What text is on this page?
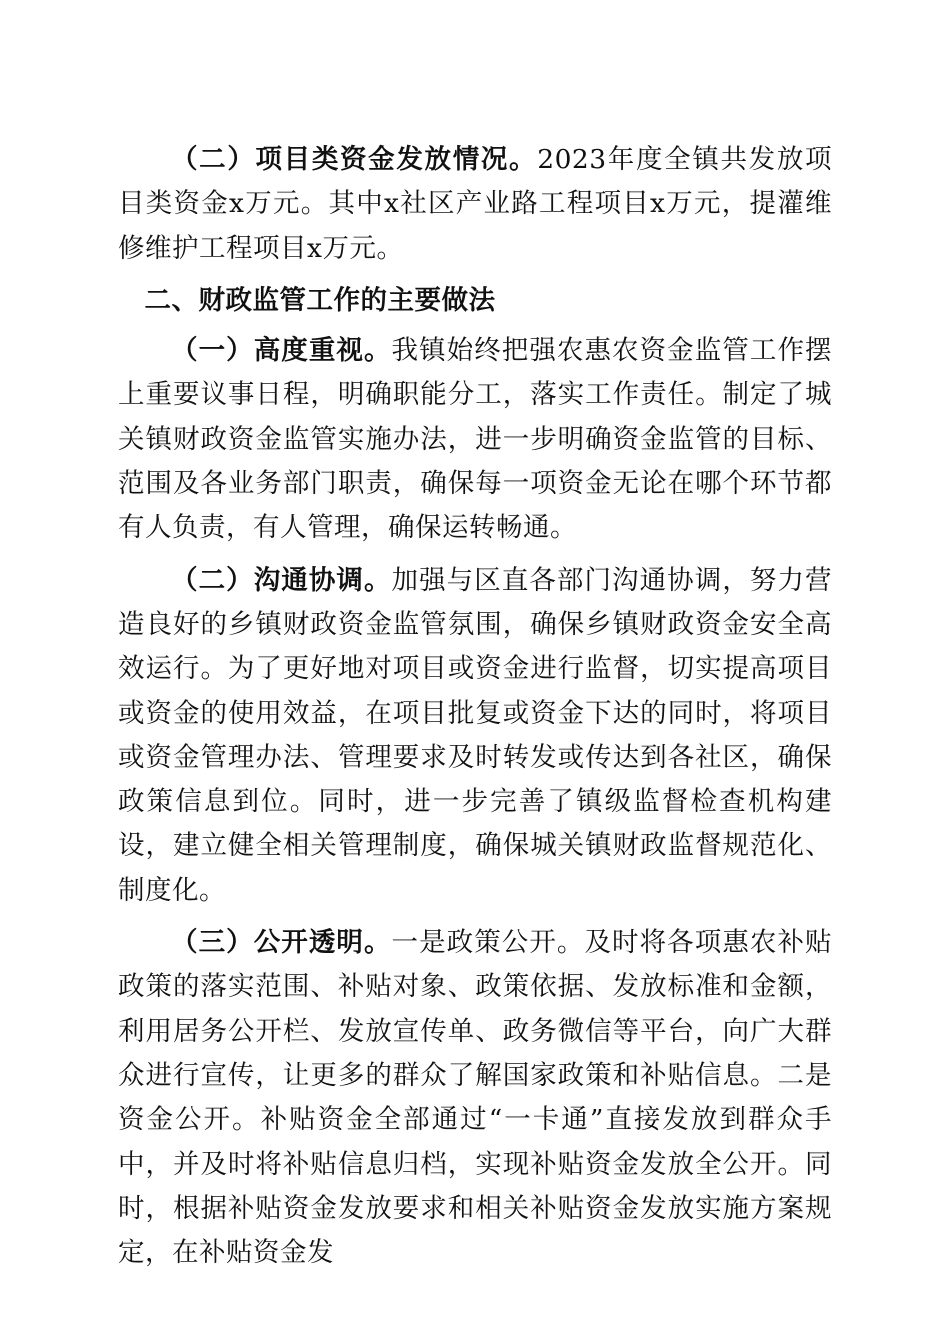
（二）项目类资金发放情况。2023年度全镇共发放项目类资金x万元。其中x社区产业路工程项目x万元，提灌维修维护工程项目x万元。

二、财政监管工作的主要做法

（一）高度重视。我镇始终把强农惠农资金监管工作摆上重要议事日程，明确职能分工，落实工作责任。制定了城关镇财政资金监管实施办法，进一步明确资金监管的目标、范围及各业务部门职责，确保每一项资金无论在哪个环节都有人负责，有人管理，确保运转畅通。

（二）沟通协调。加强与区直各部门沟通协调，努力营造良好的乡镇财政资金监管氛围，确保乡镇财政资金安全高效运行。为了更好地对项目或资金进行监督，切实提高项目或资金的使用效益，在项目批复或资金下达的同时，将项目或资金管理办法、管理要求及时转发或传达到各社区，确保政策信息到位。同时，进一步完善了镇级监督检查机构建设，建立健全相关管理制度，确保城关镇财政监督规范化、制度化。

（三）公开透明。一是政策公开。及时将各项惠农补贴政策的落实范围、补贴对象、政策依据、发放标准和金额，利用居务公开栏、发放宣传单、政务微信等平台，向广大群众进行宣传，让更多的群众了解国家政策和补贴信息。二是资金公开。补贴资金全部通过“一卡通”直接发放到群众手中，并及时将补贴信息归档，实现补贴资金发放全公开。同时，根据补贴资金发放要求和相关补贴资金发放实施方案规定，在补贴资金发
